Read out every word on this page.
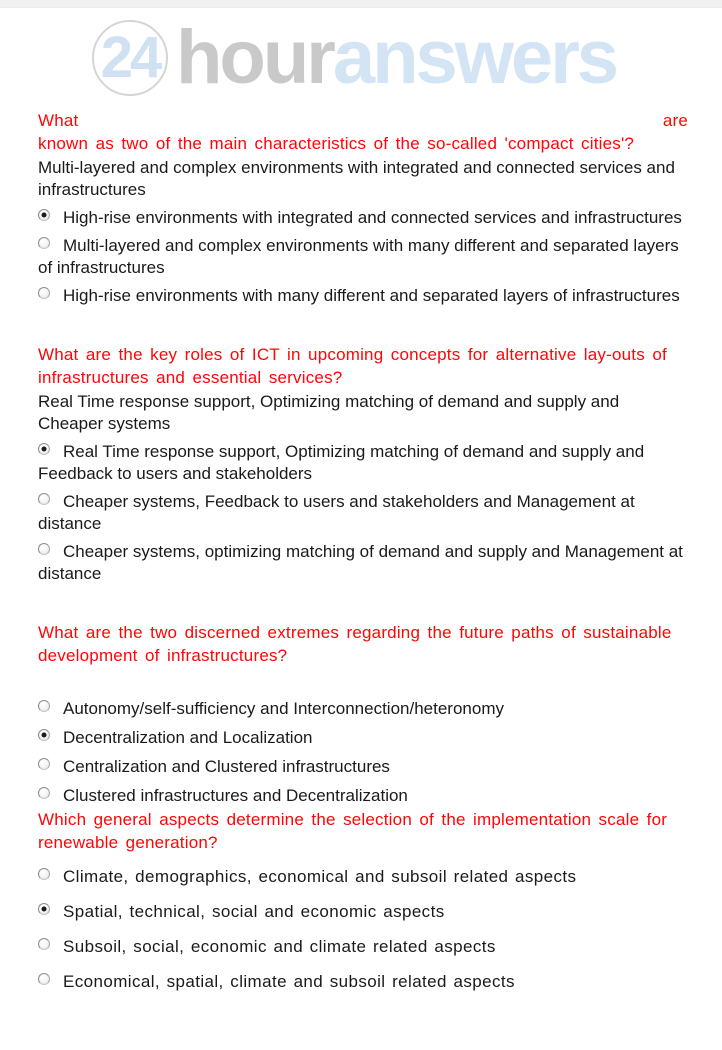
24 hour answers
What	are
known as two of the main characteristics of the so-called 'compact cities'?

Multi-layered and complex environments with integrated and connected services and infrastructures

High-rise environments with integrated and connected services and infrastructures

Multi-layered and complex environments with many different and separated layers of infrastructures

High-rise environments with many different and separated layers of infrastructures

What are the key roles of ICT in upcoming concepts for alternative lay-outs of
infrastructures and essential services?

Real Time response support, Optimizing matching of demand and supply and Cheaper systems

Real Time response support, Optimizing matching of demand and supply and Feedback to users and stakeholders

Cheaper systems, Feedback to users and stakeholders and Management at distance

Cheaper systems, optimizing matching of demand and supply and Management at distance

What are the two discerned extremes regarding the future paths of sustainable
development of infrastructures?

Autonomy/self-sufficiency and Interconnection/heteronomy

Decentralization and Localization

Centralization and Clustered infrastructures

Clustered infrastructures and Decentralization

Which general aspects determine the selection of the implementation scale for
renewable generation?

Climate, demographics, economical and subsoil related aspects

Spatial, technical, social and economic aspects

Subsoil, social, economic and climate related aspects

Economical, spatial, climate and subsoil related aspects
